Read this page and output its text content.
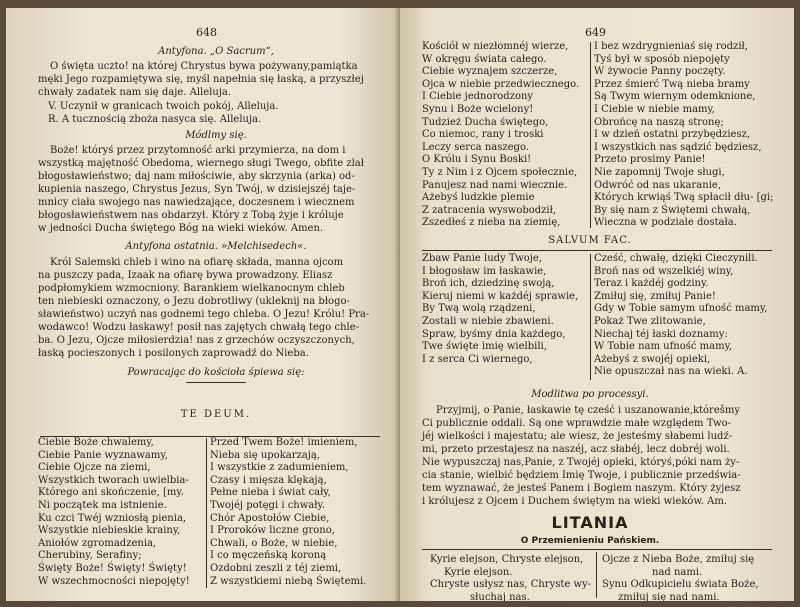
648
Antyfona. „O Sacrum“,
O święta uczto! na której Chrystus bywa pożywany,pamiątka
męki Jego rozpamiętywa się, myśl napełnia się łaską, a przyszłej
chwały zadatek nam się daje. Alleluja.
V. Uczynił w granicach twoich pokój, Alleluja.
R. A tucznością zboża nasyca się. Alleluja.
Módlmy się.
Boże! któryś przez przytomność arki przymierza, na dom i
wszystką majętność Obedoma, wiernego sługi Twego, obfite zlał
błogosławieństwo; daj nam miłościwie, aby skrzynia (arka) od-
kupienia naszego, Chrystus Jezus, Syn Twój, w dzisiejszéj taje-
mnicy ciała swojego nas nawiedzające, doczesnem i wiecznem
błogosławieństwem nas obdarzył. Który z Tobą żyje i króluje
w jedności Ducha świętego Bóg na wieki wieków. Amen.
Antyfona ostatnia. »Melchisedech«.
Król Salemski chleb i wino na ofiarę składa, manna ojcom
na puszczy pada, Izaak na ofiarę bywa prowadzony. Eliasz
podpłomykiem wzmocniony. Barankiem wielkanocnym chleb
ten niebieski oznaczony, o Jezu dobrotliwy (ukleknij na błogo-
sławieństwo) uczyń nas godnemi tego chleba. O Jezu! Królu! Pra-
wodawco! Wodzu łaskawy! posił nas zajętych chwałą tego chle-
ba. O Jezu, Ojcze miłosierdzia! nas z grzechów oczyszczonych,
łaską pocieszonych i posilonych zaprowadź do Nieba.
Powracając do kościoła śpiewa się:
TE DEUM.
Ciebie Boże chwalemy,
Ciebie Panie wyznawamy,
Ciebie Ojcze na ziemi,
Wszystkich tworach uwielbia-
Którego ani skończenie, [my.
Ni początek ma istnienie.
Ku czci Twéj wzniosłą pienia,
Wszystkie niebieskie krainy,
Aniołów zgromadzenia,
Cherubiny, Serafiny;
Święty Boże! Święty! Święty!
W wszechmocności niepojęty!
Przed Twem Boże! imieniem,
Nieba się upokarzają,
I wszystkie z zadumieniem,
Czasy i mięsza klękają,
Pełne nieba i świat cały,
Twojéj potęgi i chwały.
Chór Apostołów Ciebie,
I Proroków liczne grono,
Chwali, o Boże, w niebie,
I co męczeńską koroną
Ozdobni zeszli z téj ziemi,
Z wszystkiemi niebą Świętemi.
649
Kościół w niezłomnéj wierze,
W okręgu świata całego.
Ciebie wyznajem szczerze,
Ojca w niebie przedwiecznego.
I Ciebie jednorodzony
Synu i Boże wcielony!
Tudzież Ducha świętego,
Co niemoc, rany i troski
Leczy serca naszego.
O Królu i Synu Boski!
Ty z Nim i z Ojcem społecznie,
Panujesz nad nami wiecznie.
Ażebyś ludzkie plemie
Z zatracenia wyswobodził,
Zszedłeś z nieba na ziemię,
I bez wzdrygnieniaś się rodził,
Tyś był w sposób niepojęty
W żywocie Panny poczęty.
Przez śmierć Twą nieba bramy
Są Twym wiernym odemknione,
I Ciebie w niebie mamy,
Obrońcę na naszą stronę;
I w dzień ostatni przybędziesz,
I wszystkich nas sądzić będziesz,
Przeto prosimy Panie!
Nie zapomnij Twoje sługi,
Odwróć od nas ukaranie,
Których krwiąś Twą spłacił dłu- [gi;
By się nam z Świętemi chwałą,
Wieczna w podziale dostała.
SALVUM FAC.
Zbaw Panie ludy Twoje,
I błogosław im łaskawie,
Broń ich, dziedzinę swoją,
Kieruj niemi w każdéj sprawie,
By Twą wolą rządzeni,
Zostali w niebie zbawieni.
Spraw, byśmy dnia każdego,
Twe święte imię wielbili,
I z serca Ci wiernego,
Cześć, chwałę, dzięki Cieczynili.
Broń nas od wszelkiéj winy,
Teraz i każdéj godziny.
Zmiłuj się, zmiłuj Panie!
Gdy w Tobie samym ufność mamy,
Pokaż Twe zlitowanie,
Niechaj téj łaski doznamy:
W Tobie nam ufność mamy,
Ażebyś z swojéj opieki,
Nie opuszczał nas na wieki. A.
Modlitwa po processyi.
Przyjmij, o Panie, łaskawie tę cześć i uszanowanie,którešmy
Ci publicznie oddali. Są one wprawdzie małe względem Two-
jéj wielkości i majestatu; ale wiesz, że jesteśmy słabemi ludź-
mi, przeto przestajesz na naszéj, acz słabéj, lecz dobréj woli.
Nie wypuszczaj nas,Panie, z Twojéj opieki, któryś,póki nam ży-
cia stanie, wielbić będziem Imię Twoje, i publicznie przedświa-
tem wyznawać, że jesteś Panem i Bogiem naszym. Który żyjesz
i królujesz z Ojcem i Duchem świętym na wieki wieków. Am.
LITANIA
O Przemienieniu Pańskiem.
Kyrie elejson, Chryste elejson,
Kyrie elejson.
Chryste usłysz nas, Chryste wy-
słuchaj nas.
Ojcze z Nieba Boże, zmiłuj się
nad nami.
Synu Odkupicielu świata Boże,
zmiłuj się nad nami.
